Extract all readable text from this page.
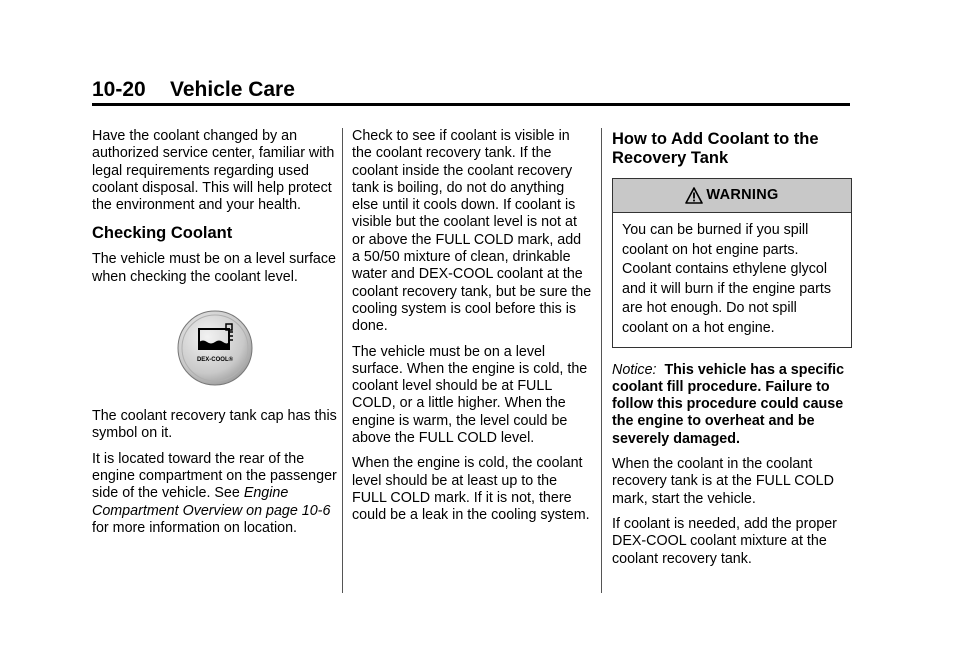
10-20 Vehicle Care

Have the coolant changed by an authorized service center, familiar with legal requirements regarding used coolant disposal. This will help protect the environment and your health.

Checking Coolant

The vehicle must be on a level surface when checking the coolant level.

DEX-COOL®

The coolant recovery tank cap has this symbol on it.

It is located toward the rear of the engine compartment on the passenger side of the vehicle. See Engine Compartment Overview on page 10-6 for more information on location.

Check to see if coolant is visible in the coolant recovery tank. If the coolant inside the coolant recovery tank is boiling, do not do anything else until it cools down. If coolant is visible but the coolant level is not at or above the FULL COLD mark, add a 50/50 mixture of clean, drinkable water and DEX-COOL coolant at the coolant recovery tank, but be sure the cooling system is cool before this is done.

The vehicle must be on a level surface. When the engine is cold, the coolant level should be at FULL COLD, or a little higher. When the engine is warm, the level could be above the FULL COLD level.

When the engine is cold, the coolant level should be at least up to the FULL COLD mark. If it is not, there could be a leak in the cooling system.

How to Add Coolant to the Recovery Tank
WARNING
You can be burned if you spill coolant on hot engine parts. Coolant contains ethylene glycol and it will burn if the engine parts are hot enough. Do not spill coolant on a hot engine.

Notice: This vehicle has a specific coolant fill procedure. Failure to follow this procedure could cause the engine to overheat and be severely damaged.

When the coolant in the coolant recovery tank is at the FULL COLD mark, start the vehicle.

If coolant is needed, add the proper DEX-COOL coolant mixture at the coolant recovery tank.
